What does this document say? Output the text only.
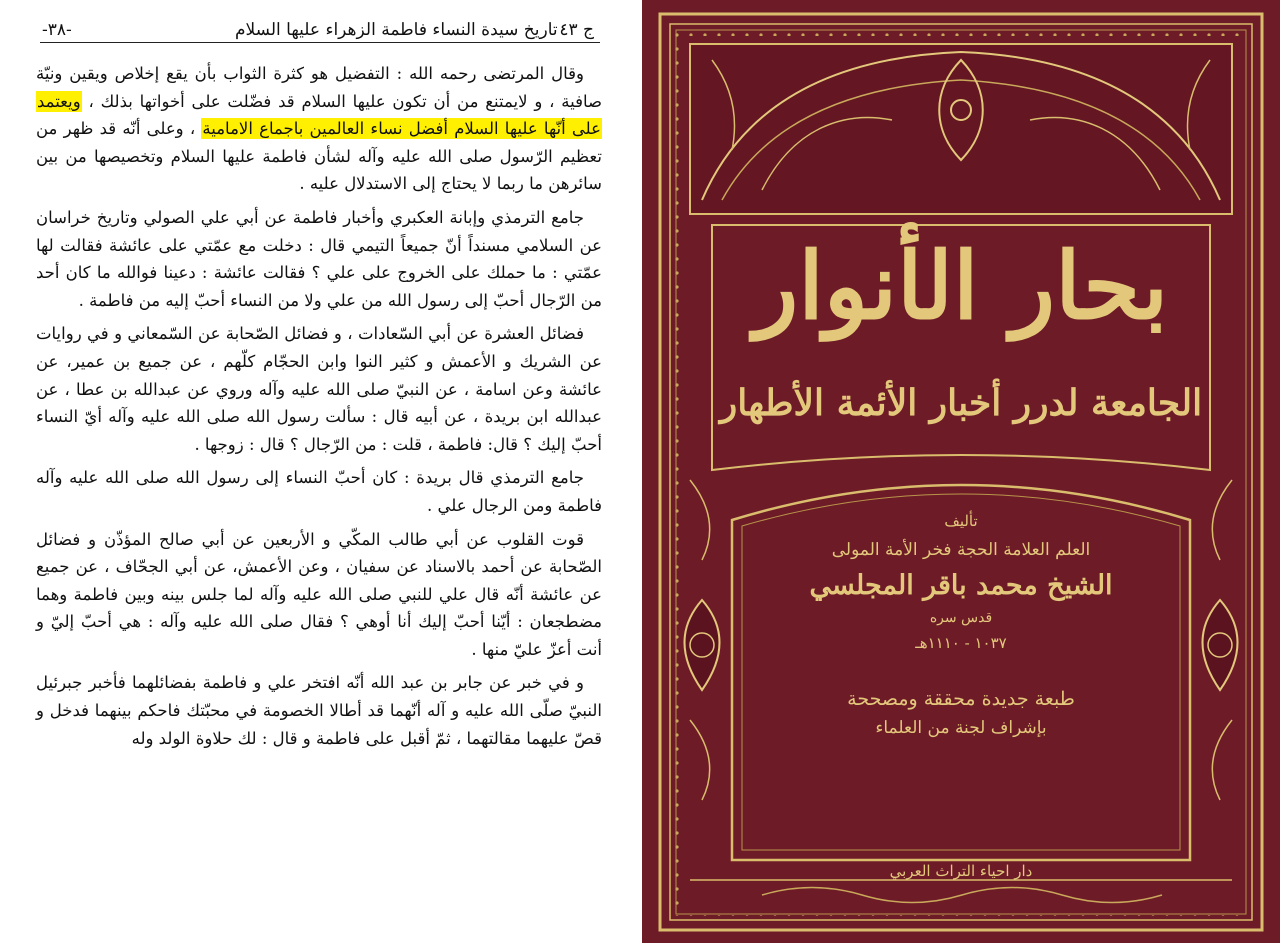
-٣٨-	تاريخ سيدة النساء فاطمة الزهراء عليها السلام ج ٤٣

وقال المرتضى رحمه الله : التفضيل هو كثرة الثواب بأن يقع إخلاص ويقين ونيّة صافية ، و لايمتنع من أن تكون عليها السلام قد فضّلت على أخواتها بذلك ، ويعتمد على أنّها عليها السلام أفضل نساء العالمين باجماع الامامية ، وعلى أنّه قد ظهر من تعظيم الرّسول صلى الله عليه وآله لشأن فاطمة عليها السلام وتخصيصها من بين سائرهن ما ربما لا يحتاج إلى الاستدلال عليه .

جامع الترمذي وإبانة العكبري وأخبار فاطمة عن أبي علي الصولي وتاريخ خراسان عن السلامي مسنداً أنّ جميعاً التيمي قال : دخلت مع عمّتي على عائشة فقالت لها عمّتي : ما حملك على الخروج على علي ؟ فقالت عائشة : دعينا فوالله ما كان أحد من الرّجال أحبّ إلى رسول الله من علي ولا من النساء أحبّ إليه من فاطمة .

فضائل العشرة عن أبي السّعادات ، و فضائل الصّحابة عن السّمعاني و في روايات عن الشريك و الأعمش و كثير النوا وابن الحجّام كلّهم ، عن جميع بن عمير، عن عائشة وعن اسامة ، عن النبيّ صلى الله عليه وآله وروي عن عبدالله بن عطا ، عن عبدالله ابن بريدة ، عن أبيه قال : سألت رسول الله صلى الله عليه وآله أيّ النساء أحبّ إليك ؟ قال: فاطمة ، قلت : من الرّجال ؟ قال : زوجها .

جامع الترمذي قال بريدة : كان أحبّ النساء إلى رسول الله صلى الله عليه وآله فاطمة ومن الرجال علي .

قوت القلوب عن أبي طالب المكّي و الأربعين عن أبي صالح المؤذّن و فضائل الصّحابة عن أحمد بالاسناد عن سفيان ، وعن الأعمش، عن أبي الجحّاف ، عن جميع عن عائشة أنّه قال علي للنبي صلى الله عليه وآله لما جلس بينه وبين فاطمة وهما مضطجعان : أيّنا أحبّ إليك أنا أوهي ؟ فقال صلى الله عليه وآله : هي أحبّ إليّ و أنت أعزّ عليّ منها .

و في خبر عن جابر بن عبد الله أنّه افتخر علي و فاطمة بفضائلهما فأخبر جبرئيل النبيّ صلّى الله عليه و آله أنّهما قد أطالا الخصومة في محبّتك فاحكم بينهما فدخل و قصّ عليهما مقالتهما ، ثمّ أقبل على فاطمة و قال : لك حلاوة الولد وله

بحار الأنوار
الجامعة لدرر أخبار الأئمة الأطهار
تأليف
العلم العلامة الحجة فخر الأمة المولى
الشيخ محمد باقر المجلسي
قدس سره
١٠٣٧ - ١١١٠هـ
طبعة جديدة محققة ومصححة
بإشراف لجنة من العلماء
دار احياء التراث العربي
